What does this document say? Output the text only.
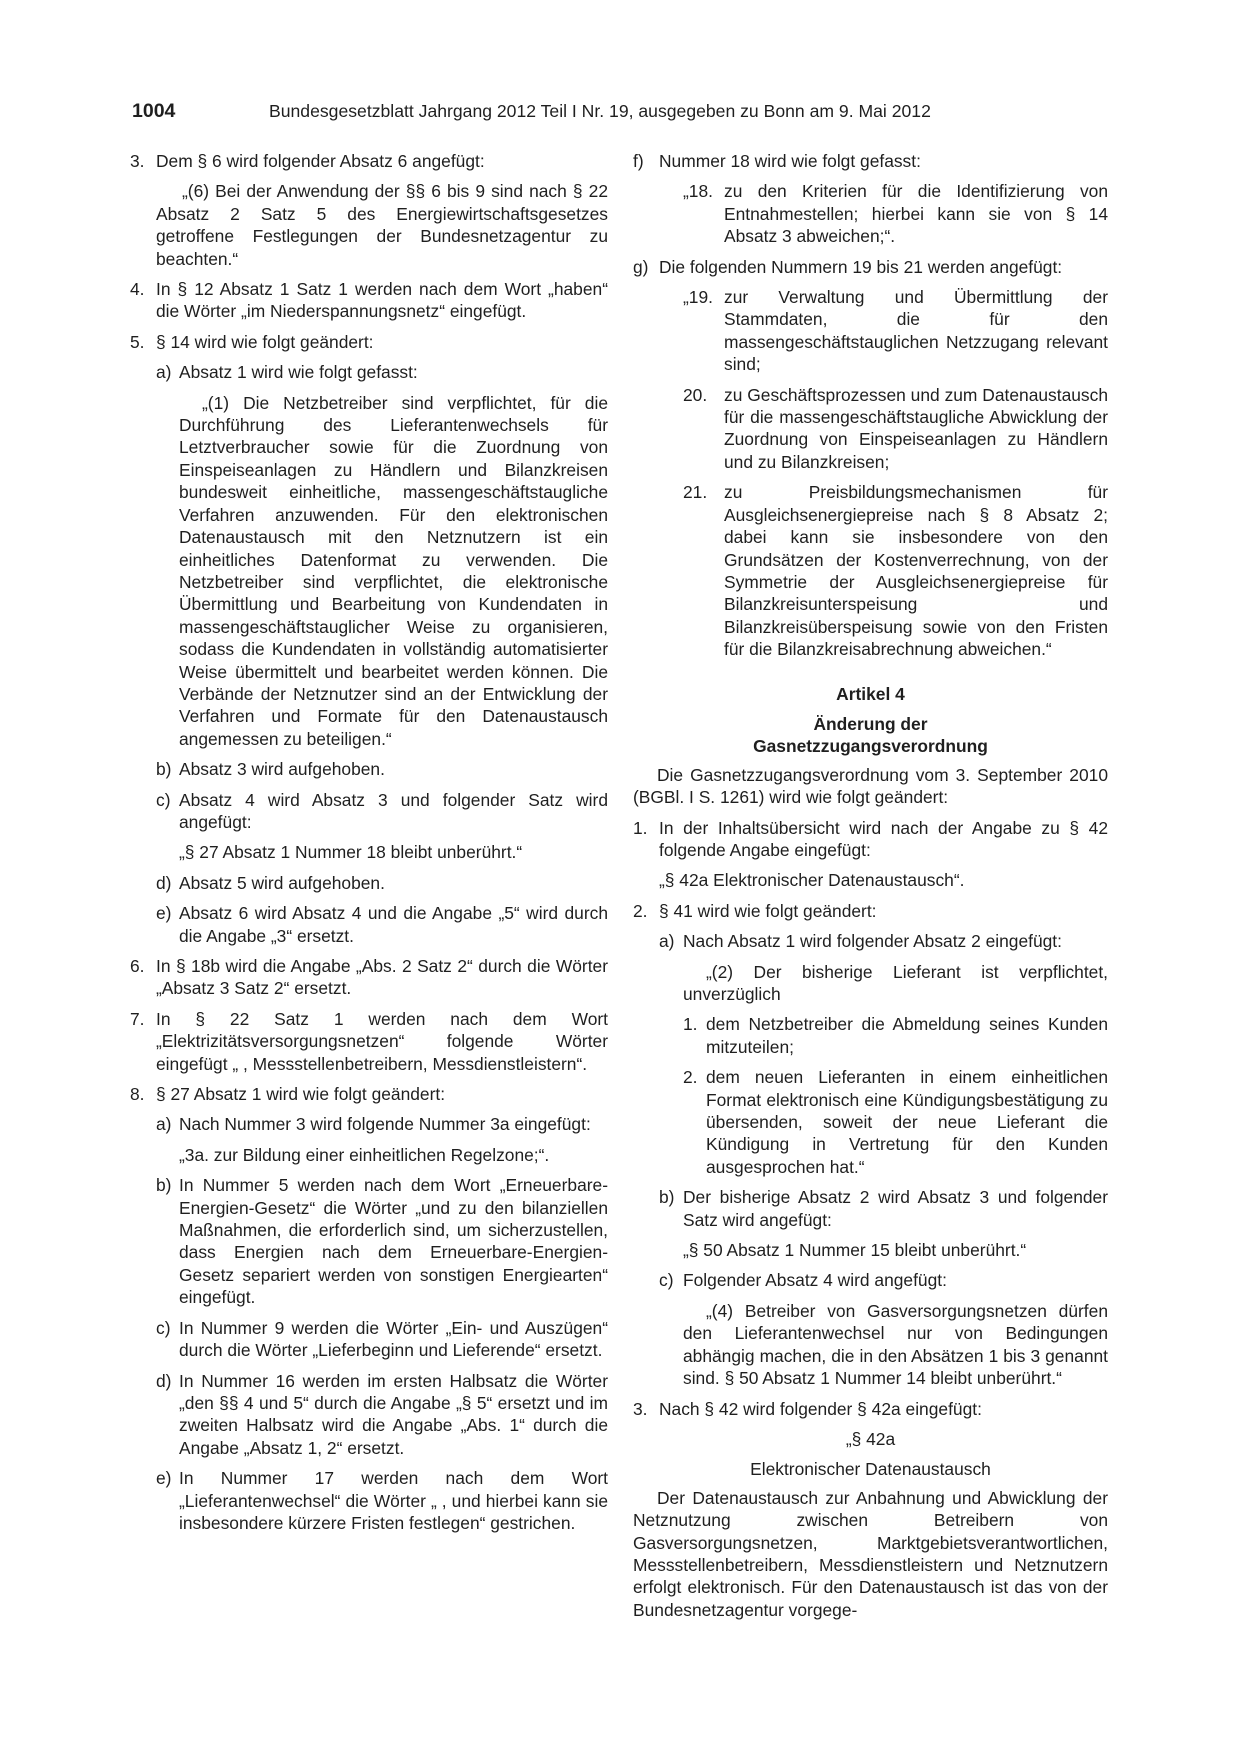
1004	Bundesgesetzblatt Jahrgang 2012 Teil I Nr. 19, ausgegeben zu Bonn am 9. Mai 2012
3. Dem § 6 wird folgender Absatz 6 angefügt:
„(6) Bei der Anwendung der §§ 6 bis 9 sind nach § 22 Absatz 2 Satz 5 des Energiewirtschaftsgesetzes getroffene Festlegungen der Bundesnetzagentur zu beachten.“
4. In § 12 Absatz 1 Satz 1 werden nach dem Wort „haben“ die Wörter „im Niederspannungsnetz“ eingefügt.
5. § 14 wird wie folgt geändert:
a) Absatz 1 wird wie folgt gefasst:
„(1) Die Netzbetreiber sind verpflichtet, für die Durchführung des Lieferantenwechsels für Letztverbraucher sowie für die Zuordnung von Einspeiseanlagen zu Händlern und Bilanzkreisen bundesweit einheitliche, massengeschäftstaugliche Verfahren anzuwenden. Für den elektronischen Datenaustausch mit den Netznutzern ist ein einheitliches Datenformat zu verwenden. Die Netzbetreiber sind verpflichtet, die elektronische Übermittlung und Bearbeitung von Kundendaten in massengeschäftstauglicher Weise zu organisieren, sodass die Kundendaten in vollständig automatisierter Weise übermittelt und bearbeitet werden können. Die Verbände der Netznutzer sind an der Entwicklung der Verfahren und Formate für den Datenaustausch angemessen zu beteiligen.“
b) Absatz 3 wird aufgehoben.
c) Absatz 4 wird Absatz 3 und folgender Satz wird angefügt:
„§ 27 Absatz 1 Nummer 18 bleibt unberührt.“
d) Absatz 5 wird aufgehoben.
e) Absatz 6 wird Absatz 4 und die Angabe „5“ wird durch die Angabe „3“ ersetzt.
6. In § 18b wird die Angabe „Abs. 2 Satz 2“ durch die Wörter „Absatz 3 Satz 2“ ersetzt.
7. In § 22 Satz 1 werden nach dem Wort „Elektrizitätsversorgungsnetzen“ folgende Wörter eingefügt „ , Messstellenbetreibern, Messdienstleistern“.
8. § 27 Absatz 1 wird wie folgt geändert:
a) Nach Nummer 3 wird folgende Nummer 3a eingefügt:
„3a. zur Bildung einer einheitlichen Regelzone;“.
b) In Nummer 5 werden nach dem Wort „Erneuerbare-Energien-Gesetz“ die Wörter „und zu den bilanziellen Maßnahmen, die erforderlich sind, um sicherzustellen, dass Energien nach dem Erneuerbare-Energien-Gesetz separiert werden von sonstigen Energiearten“ eingefügt.
c) In Nummer 9 werden die Wörter „Ein- und Auszügen“ durch die Wörter „Lieferbeginn und Lieferende“ ersetzt.
d) In Nummer 16 werden im ersten Halbsatz die Wörter „den §§ 4 und 5“ durch die Angabe „§ 5“ ersetzt und im zweiten Halbsatz wird die Angabe „Abs. 1“ durch die Angabe „Absatz 1, 2“ ersetzt.
e) In Nummer 17 werden nach dem Wort „Lieferantenwechsel“ die Wörter „ , und hierbei kann sie insbesondere kürzere Fristen festlegen“ gestrichen.
f) Nummer 18 wird wie folgt gefasst:
„18. zu den Kriterien für die Identifizierung von Entnahmestellen; hierbei kann sie von § 14 Absatz 3 abweichen;“.
g) Die folgenden Nummern 19 bis 21 werden angefügt:
„19. zur Verwaltung und Übermittlung der Stammdaten, die für den massengeschäftstauglichen Netzzugang relevant sind;
20. zu Geschäftsprozessen und zum Datenaustausch für die massengeschäftstaugliche Abwicklung der Zuordnung von Einspeiseanlagen zu Händlern und zu Bilanzkreisen;
21. zu Preisbildungsmechanismen für Ausgleichsenergiepreise nach § 8 Absatz 2; dabei kann sie insbesondere von den Grundsätzen der Kostenverrechnung, von der Symmetrie der Ausgleichsenergiepreise für Bilanzkreisunterspeisung und Bilanzkreisüberspeisung sowie von den Fristen für die Bilanzkreisabrechnung abweichen.“
Artikel 4
Änderung der
Gasnetzzugangsverordnung
Die Gasnetzzugangsverordnung vom 3. September 2010 (BGBl. I S. 1261) wird wie folgt geändert:
1. In der Inhaltsübersicht wird nach der Angabe zu § 42 folgende Angabe eingefügt:
„§ 42a Elektronischer Datenaustausch“.
2. § 41 wird wie folgt geändert:
a) Nach Absatz 1 wird folgender Absatz 2 eingefügt:
„(2) Der bisherige Lieferant ist verpflichtet, unverzüglich
1. dem Netzbetreiber die Abmeldung seines Kunden mitzuteilen;
2. dem neuen Lieferanten in einem einheitlichen Format elektronisch eine Kündigungsbestätigung zu übersenden, soweit der neue Lieferant die Kündigung in Vertretung für den Kunden ausgesprochen hat.“
b) Der bisherige Absatz 2 wird Absatz 3 und folgender Satz wird angefügt:
„§ 50 Absatz 1 Nummer 15 bleibt unberührt.“
c) Folgender Absatz 4 wird angefügt:
„(4) Betreiber von Gasversorgungsnetzen dürfen den Lieferantenwechsel nur von Bedingungen abhängig machen, die in den Absätzen 1 bis 3 genannt sind. § 50 Absatz 1 Nummer 14 bleibt unberührt.“
3. Nach § 42 wird folgender § 42a eingefügt:
„§ 42a
Elektronischer Datenaustausch
Der Datenaustausch zur Anbahnung und Abwicklung der Netznutzung zwischen Betreibern von Gasversorgungsnetzen, Marktgebietsverantwortlichen, Messstellenbetreibern, Messdienstleistern und Netznutzern erfolgt elektronisch. Für den Datenaustausch ist das von der Bundesnetzagentur vorgege-
